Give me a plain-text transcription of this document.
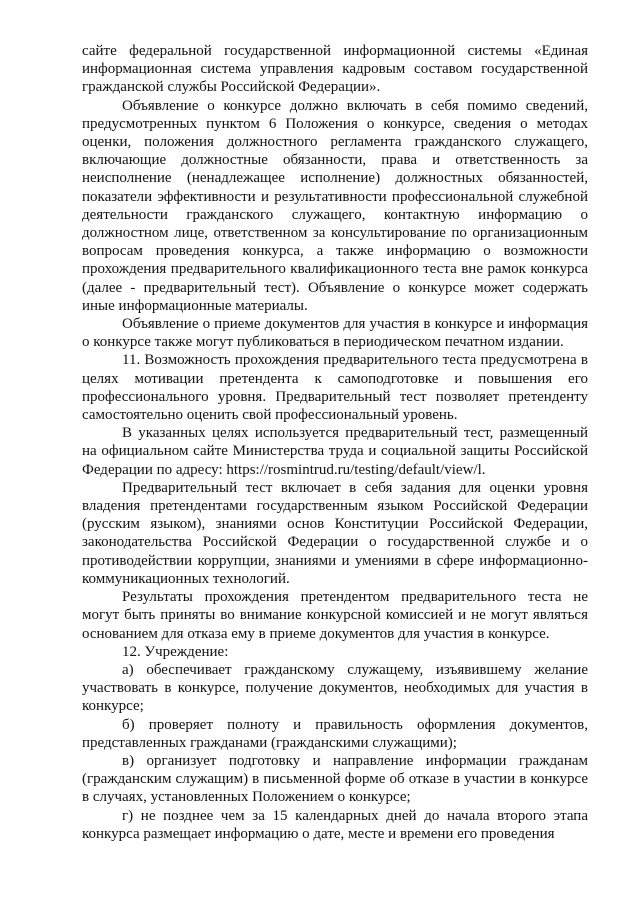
сайте федеральной государственной информационной системы «Единая информационная система управления кадровым составом государственной гражданской службы Российской Федерации».

Объявление о конкурсе должно включать в себя помимо сведений, предусмотренных пунктом 6 Положения о конкурсе, сведения о методах оценки, положения должностного регламента гражданского служащего, включающие должностные обязанности, права и ответственность за неисполнение (ненадлежащее исполнение) должностных обязанностей, показатели эффективности и результативности профессиональной служебной деятельности гражданского служащего, контактную информацию о должностном лице, ответственном за консультирование по организационным вопросам проведения конкурса, а также информацию о возможности прохождения предварительного квалификационного теста вне рамок конкурса (далее - предварительный тест). Объявление о конкурсе может содержать иные информационные материалы.

Объявление о приеме документов для участия в конкурсе и информация о конкурсе также могут публиковаться в периодическом печатном издании.

11. Возможность прохождения предварительного теста предусмотрена в целях мотивации претендента к самоподготовке и повышения его профессионального уровня. Предварительный тест позволяет претенденту самостоятельно оценить свой профессиональный уровень.

В указанных целях используется предварительный тест, размещенный на официальном сайте Министерства труда и социальной защиты Российской Федерации по адресу: https://rosmintrud.ru/testing/default/view/l.

Предварительный тест включает в себя задания для оценки уровня владения претендентами государственным языком Российской Федерации (русским языком), знаниями основ Конституции Российской Федерации, законодательства Российской Федерации о государственной службе и о противодействии коррупции, знаниями и умениями в сфере информационно-коммуникационных технологий.

Результаты прохождения претендентом предварительного теста не могут быть приняты во внимание конкурсной комиссией и не могут являться основанием для отказа ему в приеме документов для участия в конкурсе.

12. Учреждение:

а) обеспечивает гражданскому служащему, изъявившему желание участвовать в конкурсе, получение документов, необходимых для участия в конкурсе;

б) проверяет полноту и правильность оформления документов, представленных гражданами (гражданскими служащими);

в) организует подготовку и направление информации гражданам (гражданским служащим) в письменной форме об отказе в участии в конкурсе в случаях, установленных Положением о конкурсе;

г) не позднее чем за 15 календарных дней до начала второго этапа конкурса размещает информацию о дате, месте и времени его проведения
